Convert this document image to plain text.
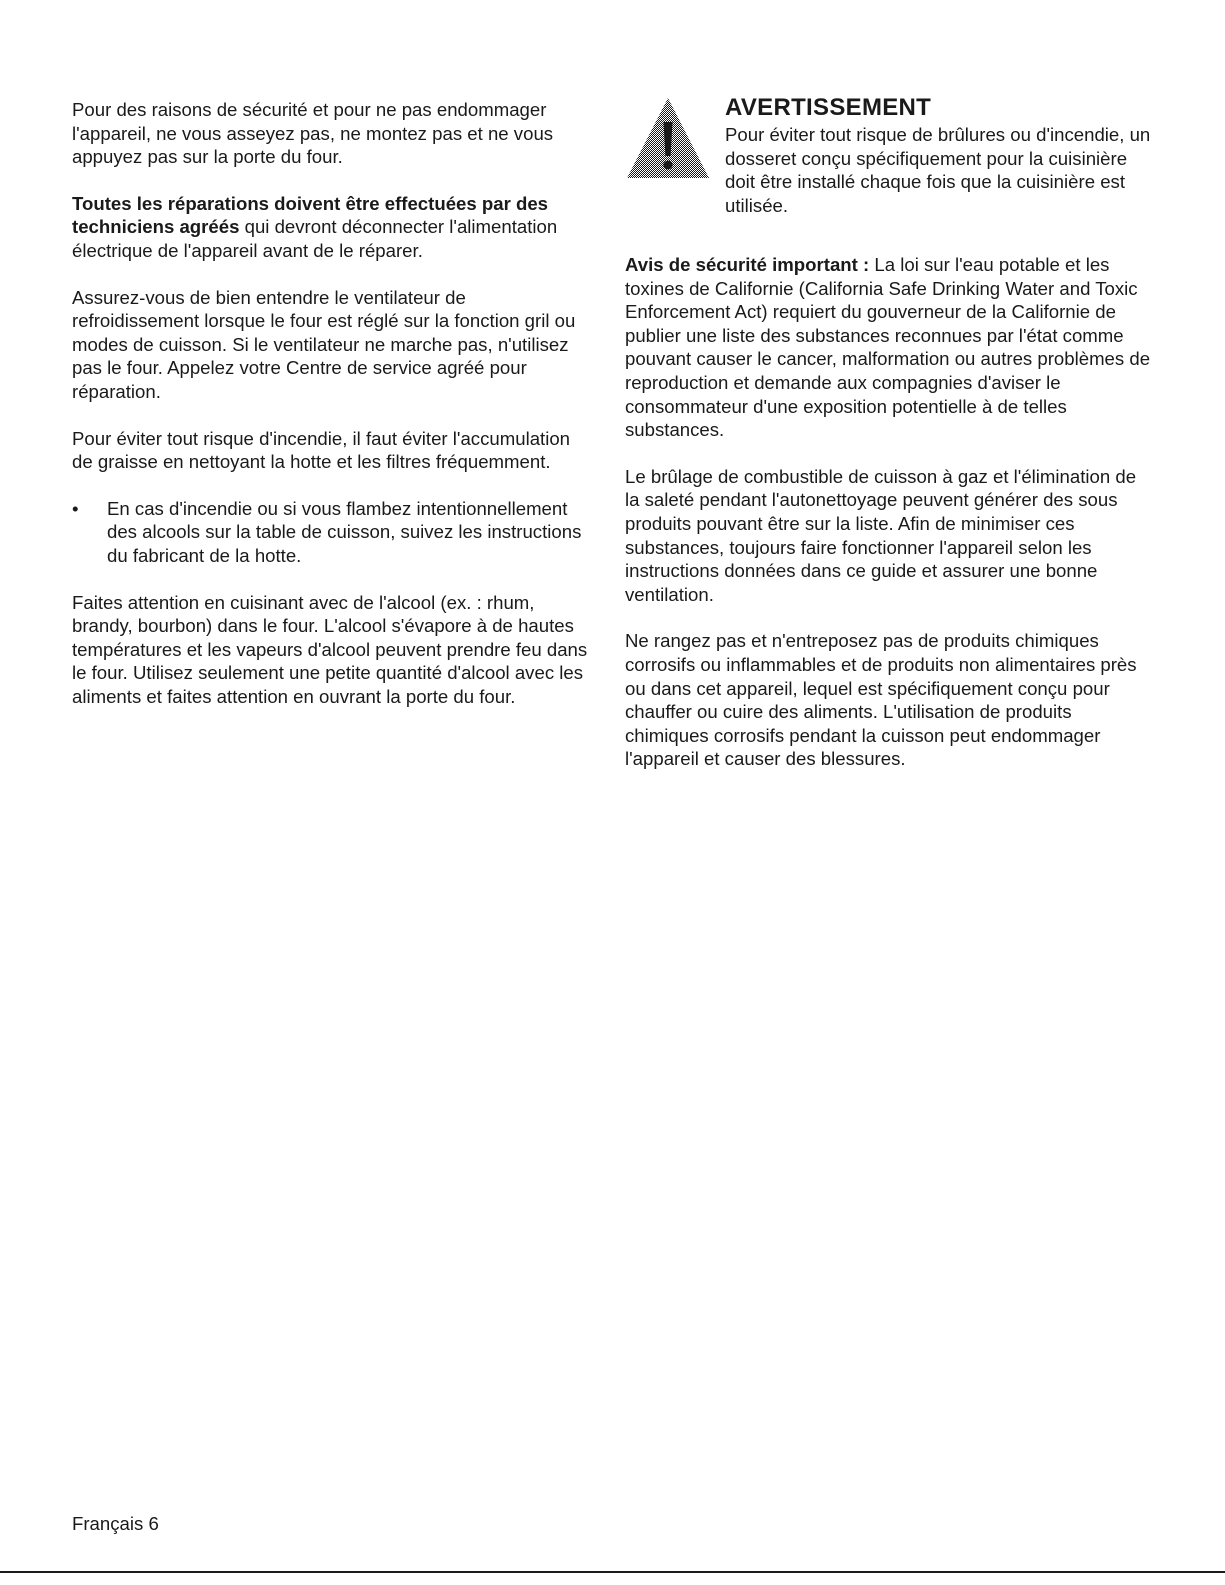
Pour des raisons de sécurité et pour ne pas endommager l'appareil, ne vous asseyez pas, ne montez pas et ne vous appuyez pas sur la porte du four.

Toutes les réparations doivent être effectuées par des techniciens agréés qui devront déconnecter l'alimentation électrique de l'appareil avant de le réparer.

Assurez-vous de bien entendre le ventilateur de refroidissement lorsque le four est réglé sur la fonction gril ou modes de cuisson. Si le ventilateur ne marche pas, n'utilisez pas le four. Appelez votre Centre de service agréé pour réparation.

Pour éviter tout risque d'incendie, il faut éviter l'accumulation de graisse en nettoyant la hotte et les filtres fréquemment.

• En cas d'incendie ou si vous flambez intentionnellement des alcools sur la table de cuisson, suivez les instructions du fabricant de la hotte.

Faites attention en cuisinant avec de l'alcool (ex. : rhum, brandy, bourbon) dans le four. L'alcool s'évapore à de hautes températures et les vapeurs d'alcool peuvent prendre feu dans le four. Utilisez seulement une petite quantité d'alcool avec les aliments et faites attention en ouvrant la porte du four.

AVERTISSEMENT

Pour éviter tout risque de brûlures ou d'incendie, un dosseret conçu spécifiquement pour la cuisinière doit être installé chaque fois que la cuisinière est utilisée.

Avis de sécurité important : La loi sur l'eau potable et les toxines de Californie (California Safe Drinking Water and Toxic Enforcement Act) requiert du gouverneur de la Californie de publier une liste des substances reconnues par l'état comme pouvant causer le cancer, malformation ou autres problèmes de reproduction et demande aux compagnies d'aviser le consommateur d'une exposition potentielle à de telles substances.

Le brûlage de combustible de cuisson à gaz et l'élimination de la saleté pendant l'autonettoyage peuvent générer des sous produits pouvant être sur la liste. Afin de minimiser ces substances, toujours faire fonctionner l'appareil selon les instructions données dans ce guide et assurer une bonne ventilation.

Ne rangez pas et n'entreposez pas de produits chimiques corrosifs ou inflammables et de produits non alimentaires près ou dans cet appareil, lequel est spécifiquement conçu pour chauffer ou cuire des aliments. L'utilisation de produits chimiques corrosifs pendant la cuisson peut endommager l'appareil et causer des blessures.

Français 6
